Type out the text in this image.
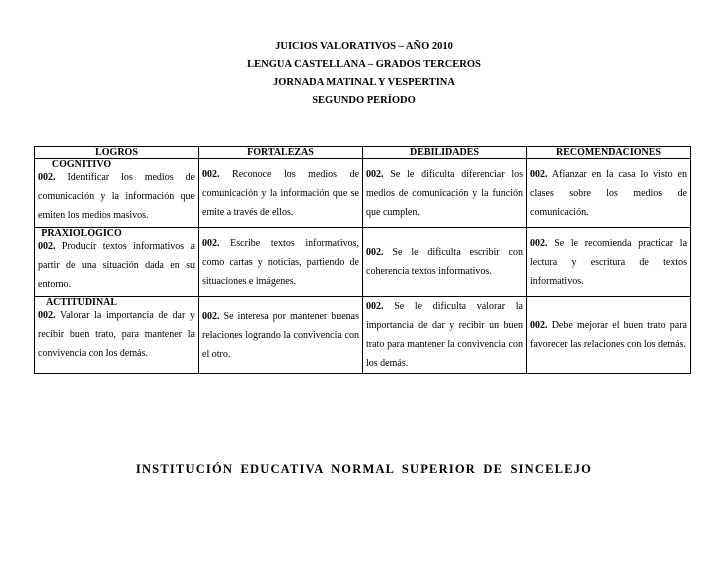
JUICIOS VALORATIVOS – AÑO 2010
LENGUA CASTELLANA – GRADOS TERCEROS
JORNADA MATINAL Y VESPERTINA
SEGUNDO PERÍODO
LOGROS	FORTALEZAS	DEBILIDADES	RECOMENDACIONES

COGNITIVO
002. Identificar los medios de comunicación y la información que emiten los medios masivos.	002. Reconoce los medios de comunicación y la información que se emite a través de ellos.	002. Se le dificulta diferenciar los medios de comunicación y la función que cumplen.	002. Afianzar en la casa lo visto en clases sobre los medios de comunicación.

PRAXIOLÓGICO
002. Producir textos informativos a partir de una situación dada en su entorno.	002. Escribe textos informativos, como cartas y noticias, partiendo de situaciones e imágenes.	002. Se le dificulta escribir con coherencia textos informativos.	002. Se le recomienda practicar la lectura y escritura de textos informativos.

ACTITUDINAL
002. Valorar la importancia de dar y recibir buen trato, para mantener la convivencia con los demás.	002. Se interesa por mantener buenas relaciones logrando la convivencia con el otro.	002. Se le dificulta valorar la importancia de dar y recibir un buen trato para mantener la convivencia con los demás.	002. Debe mejorar el buen trato para favorecer las relaciones con los demás.
INSTITUCIÓN EDUCATIVA NORMAL SUPERIOR DE SINCELEJO
